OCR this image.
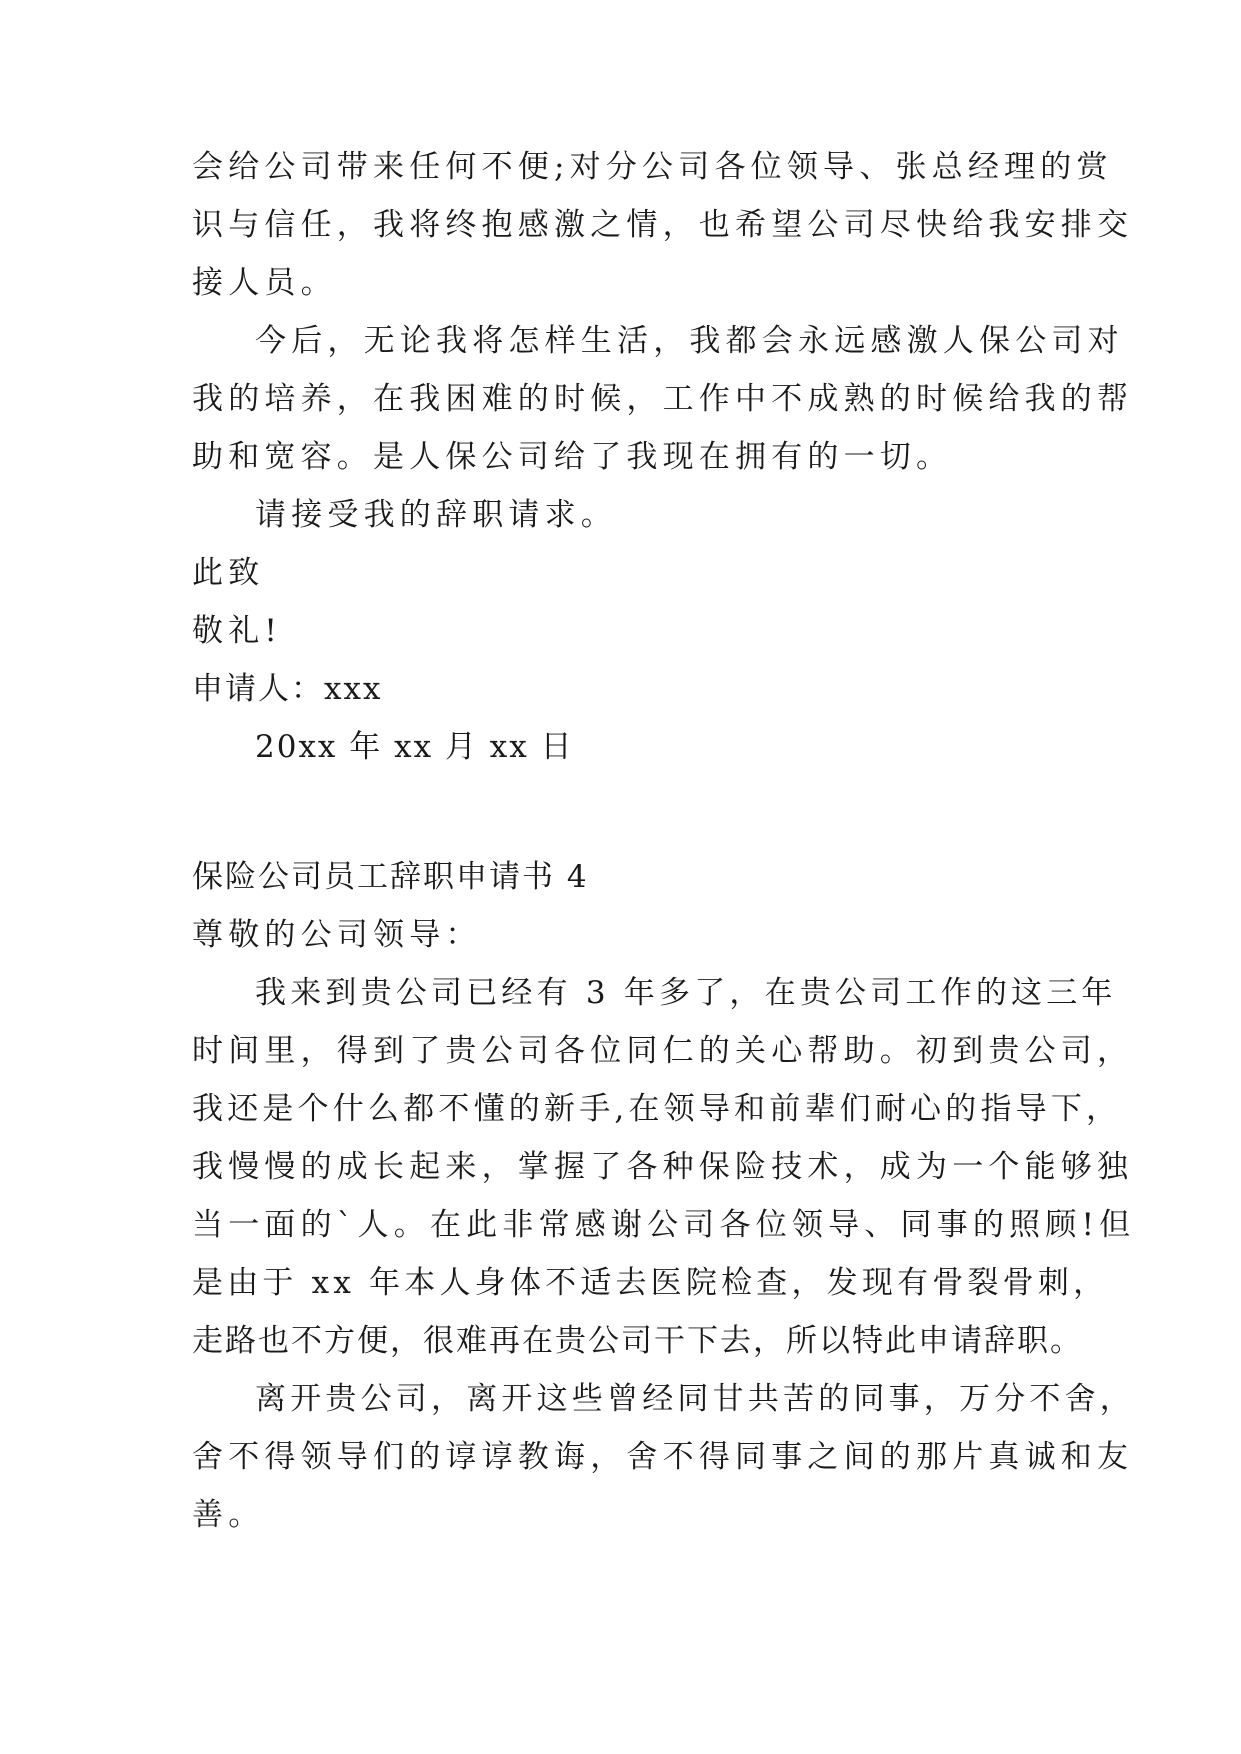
会给公司带来任何不便;对分公司各位领导、张总经理的赏

识与信任，我将终抱感激之情，也希望公司尽快给我安排交

接人员。

今后，无论我将怎样生活，我都会永远感激人保公司对

我的培养，在我困难的时候，工作中不成熟的时候给我的帮

助和宽容。是人保公司给了我现在拥有的一切。

请接受我的辞职请求。

此致

敬礼!

申请人：xxx

20xx 年 xx 月 xx 日

保险公司员工辞职申请书 4

尊敬的公司领导：

我来到贵公司已经有 3 年多了，在贵公司工作的这三年

时间里，得到了贵公司各位同仁的关心帮助。初到贵公司，

我还是个什么都不懂的新手,在领导和前辈们耐心的指导下，

我慢慢的成长起来，掌握了各种保险技术，成为一个能够独

当一面的`人。在此非常感谢公司各位领导、同事的照顾!但

是由于 xx 年本人身体不适去医院检查，发现有骨裂骨刺，

走路也不方便，很难再在贵公司干下去，所以特此申请辞职。

离开贵公司，离开这些曾经同甘共苦的同事，万分不舍，

舍不得领导们的谆谆教诲，舍不得同事之间的那片真诚和友

善。
